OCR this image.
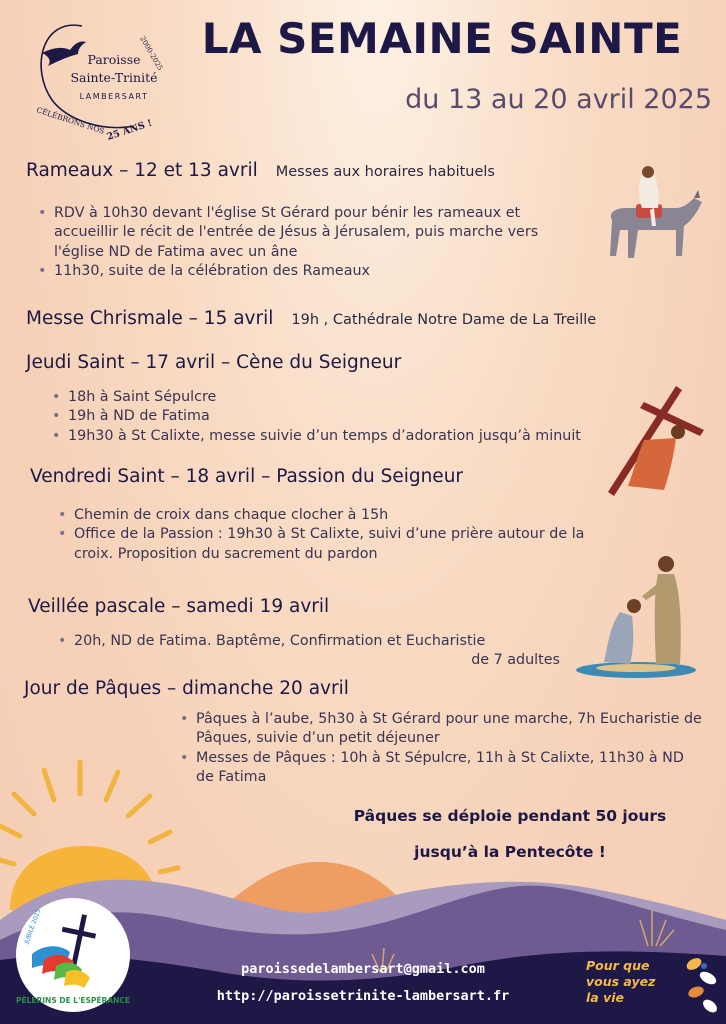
Paroisse
Sainte-Trinité
LAMBERSART
2000-2025
CÉLÉBRONS NOS 25 ANS !
LA SEMAINE SAINTE

du 13 au 20 avril 2025

Rameaux – 12 et 13 avril Messes aux horaires habituels
• RDV à 10h30 devant l'église St Gérard pour bénir les rameaux et accueillir le récit de l'entrée de Jésus à Jérusalem, puis marche vers l'église ND de Fatima avec un âne
• 11h30, suite de la célébration des Rameaux
Messe Chrismale – 15 avril 19h , Cathédrale Notre Dame de La Treille
Jeudi Saint – 17 avril – Cène du Seigneur
• 18h à Saint Sépulcre
• 19h à ND de Fatima
• 19h30 à St Calixte, messe suivie d’un temps d’adoration jusqu’à minuit
Vendredi Saint – 18 avril – Passion du Seigneur
• Chemin de croix dans chaque clocher à 15h
• Office de la Passion : 19h30 à St Calixte, suivi d’une prière autour de la croix. Proposition du sacrement du pardon
Veillée pascale – samedi 19 avril
• 20h, ND de Fatima. Baptême, Confirmation et Eucharistie
de 7 adultes
Jour de Pâques – dimanche 20 avril
• Pâques à l’aube, 5h30 à St Gérard pour une marche, 7h Eucharistie de Pâques, suivie d’un petit déjeuner
• Messes de Pâques : 10h à St Sépulcre, 11h à St Calixte, 11h30 à ND de Fatima
PÈLERINS DE L'ESPÉRANCE
JUBILÉ 2025
Pâques se déploie pendant 50 jours
jusqu’à la Pentecôte !
paroissedelambersart@gmail.com
http://paroissetrinite-lambersart.fr
Pour que
vous ayez
la vie
